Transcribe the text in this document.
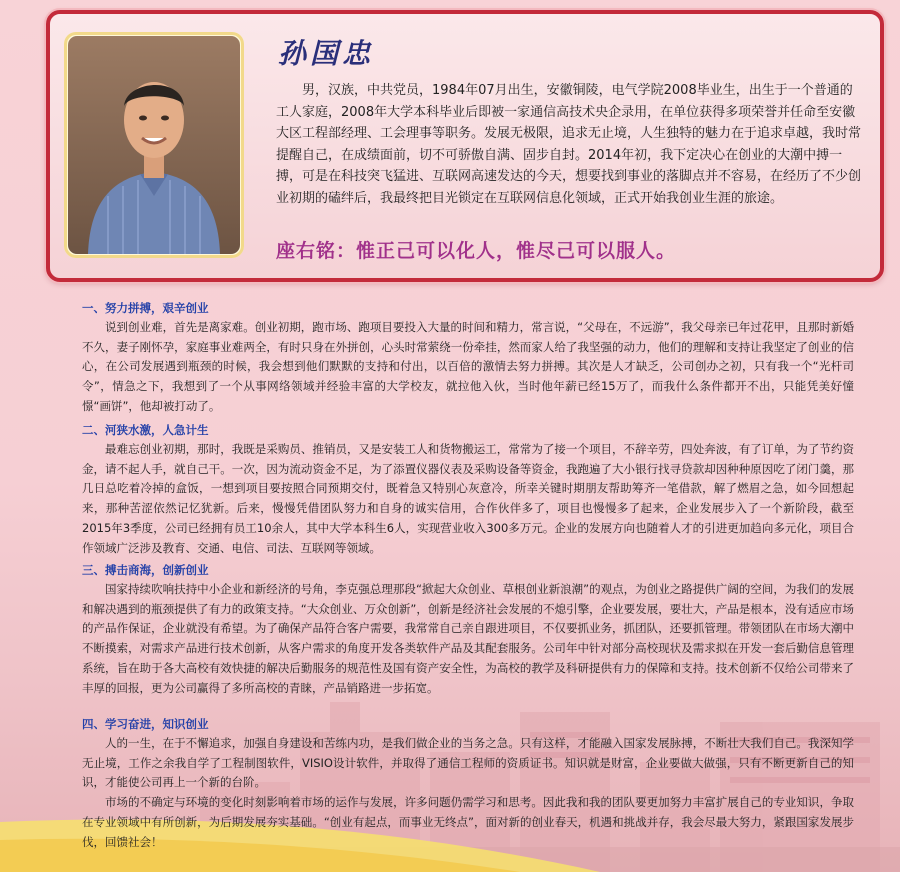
孙国忠

男，汉族，中共党员，1984年07月出生，安徽铜陵，电气学院2008毕业生，出生于一个普通的工人家庭，2008年大学本科毕业后即被一家通信高技术央企录用，在单位获得多项荣誉并任命至安徽大区工程部经理、工会理事等职务。发展无极限，追求无止境，人生独特的魅力在于追求卓越，我时常提醒自己，在成绩面前，切不可骄傲自满、固步自封。2014年初，我下定决心在创业的大潮中搏一搏，可是在科技突飞猛进、互联网高速发达的今天，想要找到事业的落脚点并不容易，在经历了不少创业初期的磕绊后，我最终把目光锁定在互联网信息化领域，正式开始我创业生涯的旅途。

座右铭：惟正己可以化人，惟尽己可以服人。
一、努力拼搏，艰辛创业

说到创业难，首先是离家难。创业初期，跑市场、跑项目要投入大量的时间和精力，常言说，“父母在，不远游”，我父母亲已年过花甲，且那时新婚不久，妻子刚怀孕，家庭事业难两全，有时只身在外拼创，心头时常萦绕一份牵挂，然而家人给了我坚强的动力，他们的理解和支持让我坚定了创业的信心，在公司发展遇到瓶颈的时候，我会想到他们默默的支持和付出，以百倍的激情去努力拼搏。其次是人才缺乏，公司创办之初，只有我一个“光杆司令”，情急之下，我想到了一个从事网络领域并经验丰富的大学校友，就拉他入伙，当时他年薪已经15万了，而我什么条件都开不出，只能凭美好憧憬“画饼”，他却被打动了。

二、河狭水激，人急计生

最难忘创业初期，那时，我既是采购员、推销员，又是安装工人和货物搬运工，常常为了接一个项目，不辞辛劳，四处奔波，有了订单，为了节约资金，请不起人手，就自己干。一次，因为流动资金不足，为了添置仪器仪表及采购设备等资金，我跑遍了大小银行找寻贷款却因种种原因吃了闭门羹，那几日总吃着冷掉的盒饭，一想到项目要按照合同预期交付，既着急又特别心灰意冷，所幸关键时期朋友帮助筹齐一笔借款，解了燃眉之急，如今回想起来，那种苦涩依然记忆犹新。后来，慢慢凭借团队努力和自身的诚实信用，合作伙伴多了，项目也慢慢多了起来，企业发展步入了一个新阶段，截至2015年3季度，公司已经拥有员工10余人，其中大学本科生6人，实现营业收入300多万元。企业的发展方向也随着人才的引进更加趋向多元化，项目合作领域广泛涉及教育、交通、电信、司法、互联网等领域。

三、搏击商海，创新创业

国家持续吹响扶持中小企业和新经济的号角，李克强总理那段“掀起大众创业、草根创业新浪潮”的观点，为创业之路提供广阔的空间，为我们的发展和解决遇到的瓶颈提供了有力的政策支持。“大众创业、万众创新”，创新是经济社会发展的不熄引擎，企业要发展，要壮大，产品是根本，没有适应市场的产品作保证，企业就没有希望。为了确保产品符合客户需要，我常常自己亲自跟进项目，不仅要抓业务，抓团队，还要抓管理。带领团队在市场大潮中不断摸索，对需求产品进行技术创新，从客户需求的角度开发各类软件产品及其配套服务。公司年中针对部分高校现状及需求拟在开发一套后勤信息管理系统，旨在助于各大高校有效快捷的解决后勤服务的规范性及国有资产安全性，为高校的教学及科研提供有力的保障和支持。技术创新不仅给公司带来了丰厚的回报，更为公司赢得了多所高校的青睐，产品销路进一步拓宽。

四、学习奋进，知识创业

人的一生，在于不懈追求，加强自身建设和苦练内功，是我们做企业的当务之急。只有这样，才能融入国家发展脉搏，不断壮大我们自己。我深知学无止境，工作之余我自学了工程制图软件，VISIO设计软件，并取得了通信工程师的资质证书。知识就是财富，企业要做大做强，只有不断更新自己的知识，才能使公司再上一个新的台阶。

市场的不确定与环境的变化时刻影响着市场的运作与发展，许多问题仍需学习和思考。因此我和我的团队要更加努力丰富扩展自己的专业知识，争取在专业领域中有所创新，为后期发展夯实基础。“创业有起点，而事业无终点”，面对新的创业春天，机遇和挑战并存，我会尽最大努力，紧跟国家发展步伐，回馈社会！
